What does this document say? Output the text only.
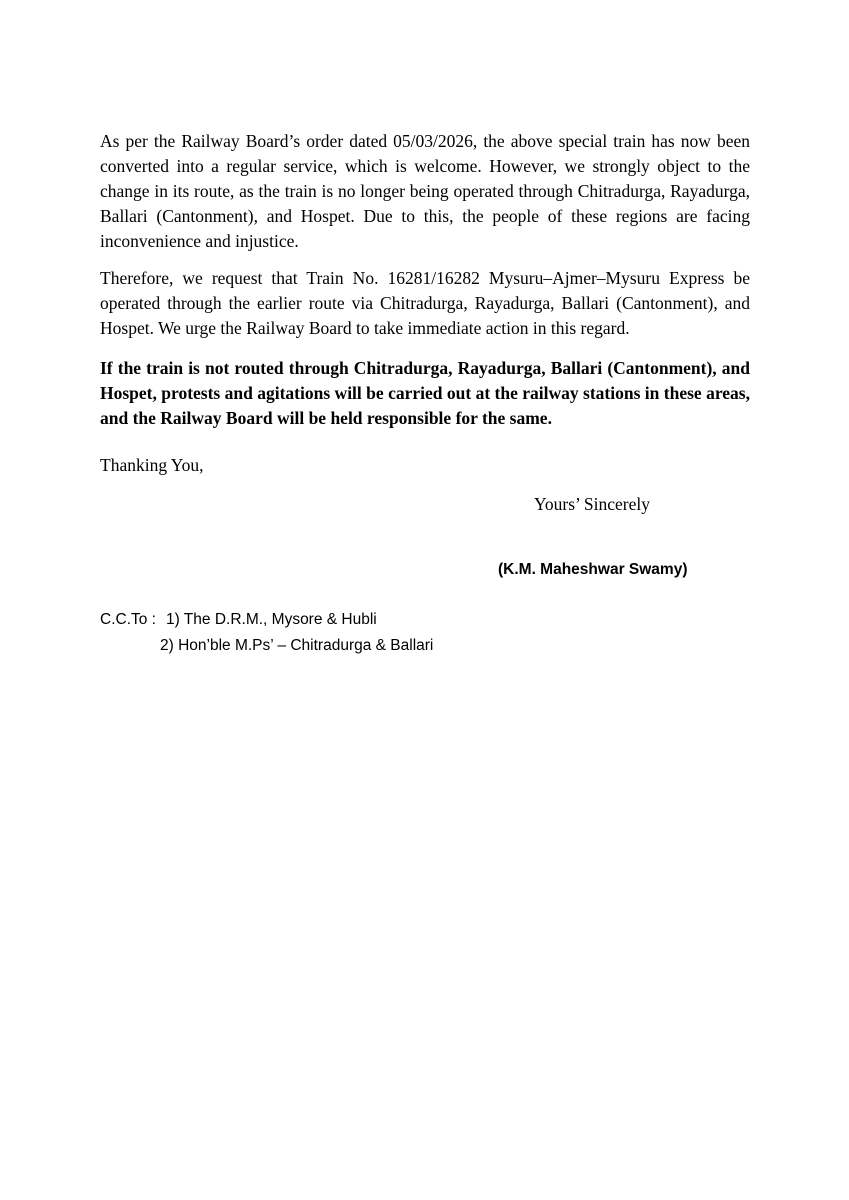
As per the Railway Board’s order dated 05/03/2026, the above special train has now been converted into a regular service, which is welcome. However, we strongly object to the change in its route, as the train is no longer being operated through Chitradurga, Rayadurga, Ballari (Cantonment), and Hospet. Due to this, the people of these regions are facing inconvenience and injustice.

Therefore, we request that Train No. 16281/16282 Mysuru–Ajmer–Mysuru Express be operated through the earlier route via Chitradurga, Rayadurga, Ballari (Cantonment), and Hospet. We urge the Railway Board to take immediate action in this regard.

If the train is not routed through Chitradurga, Rayadurga, Ballari (Cantonment), and Hospet, protests and agitations will be carried out at the railway stations in these areas, and the Railway Board will be held responsible for the same.

Thanking You,

Yours’ Sincerely

(K.M. Maheshwar Swamy)

C.C.To : 1) The D.R.M., Mysore & Hubli

2) Hon’ble M.Ps’ – Chitradurga & Ballari
